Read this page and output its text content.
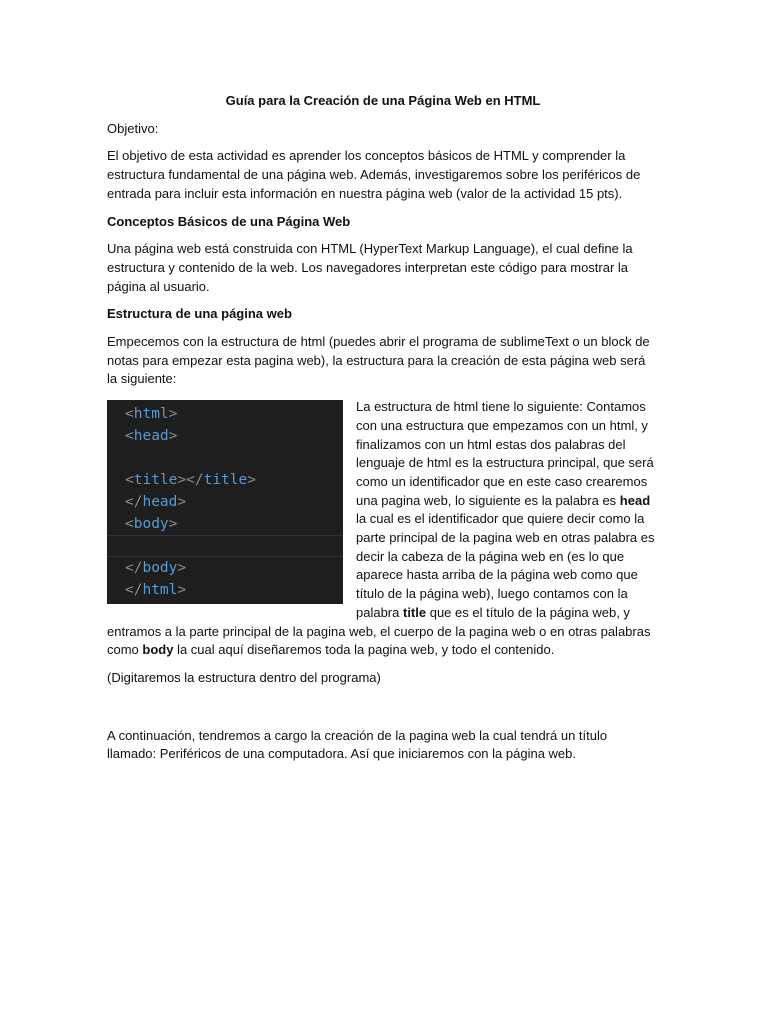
Guía para la Creación de una Página Web en HTML

Objetivo:

El objetivo de esta actividad es aprender los conceptos básicos de HTML y comprender la estructura fundamental de una página web. Además, investigaremos sobre los periféricos de entrada para incluir esta información en nuestra página web (valor de la actividad 15 pts).

Conceptos Básicos de una Página Web

Una página web está construida con HTML (HyperText Markup Language), el cual define la estructura y contenido de la web. Los navegadores interpretan este código para mostrar la página al usuario.

Estructura de una página web

Empecemos con la estructura de html (puedes abrir el programa de sublimeText o un block de notas para empezar esta pagina web), la estructura para la creación de esta página web será la siguiente:

<html>
<head>
<title></title>
</head>
<body>
</body>
</html>

La estructura de html tiene lo siguiente: Contamos con una estructura que empezamos con un html, y finalizamos con un html estas dos palabras del lenguaje de html es la estructura principal, que será como un identificador que en este caso crearemos una pagina web, lo siguiente es la palabra es head la cual es el identificador que quiere decir como la parte principal de la pagina web en otras palabra es decir la cabeza de la página web en (es lo que aparece hasta arriba de la página web como que título de la página web), luego contamos con la palabra title que es el título de la página web, y entramos a la parte principal de la pagina web, el cuerpo de la pagina web o en otras palabras como body la cual aquí diseñaremos toda la pagina web, y todo el contenido.

(Digitaremos la estructura dentro del programa)

A continuación, tendremos a cargo la creación de la pagina web la cual tendrá un título llamado: Periféricos de una computadora. Así que iniciaremos con la página web.
